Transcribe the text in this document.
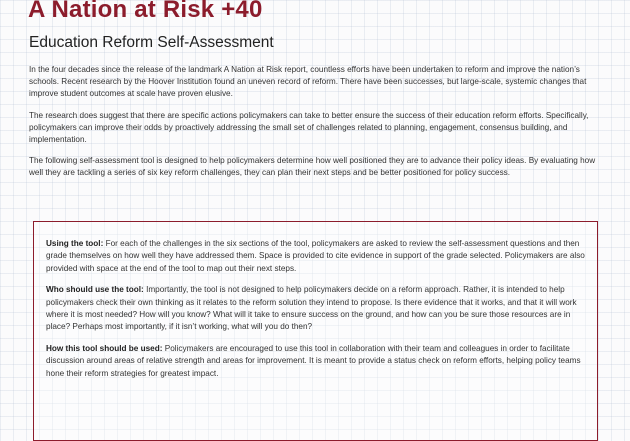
A Nation at Risk +40
Education Reform Self-Assessment

In the four decades since the release of the landmark A Nation at Risk report, countless efforts have been undertaken to reform and improve the nation’s schools. Recent research by the Hoover Institution found an uneven record of reform. There have been successes, but large-scale, systemic changes that improve student outcomes at scale have proven elusive.

The research does suggest that there are specific actions policymakers can take to better ensure the success of their education reform efforts. Specifically, policymakers can improve their odds by proactively addressing the small set of challenges related to planning, engagement, consensus building, and implementation.

The following self-assessment tool is designed to help policymakers determine how well positioned they are to advance their policy ideas. By evaluating how well they are tackling a series of six key reform challenges, they can plan their next steps and be better positioned for policy success.

Using the tool: For each of the challenges in the six sections of the tool, policymakers are asked to review the self-assessment questions and then grade themselves on how well they have addressed them. Space is provided to cite evidence in support of the grade selected. Policymakers are also provided with space at the end of the tool to map out their next steps.

Who should use the tool: Importantly, the tool is not designed to help policymakers decide on a reform approach. Rather, it is intended to help policymakers check their own thinking as it relates to the reform solution they intend to propose. Is there evidence that it works, and that it will work where it is most needed? How will you know? What will it take to ensure success on the ground, and how can you be sure those resources are in place? Perhaps most importantly, if it isn’t working, what will you do then?

How this tool should be used: Policymakers are encouraged to use this tool in collaboration with their team and colleagues in order to facilitate discussion around areas of relative strength and areas for improvement. It is meant to provide a status check on reform efforts, helping policy teams hone their reform strategies for greatest impact.
